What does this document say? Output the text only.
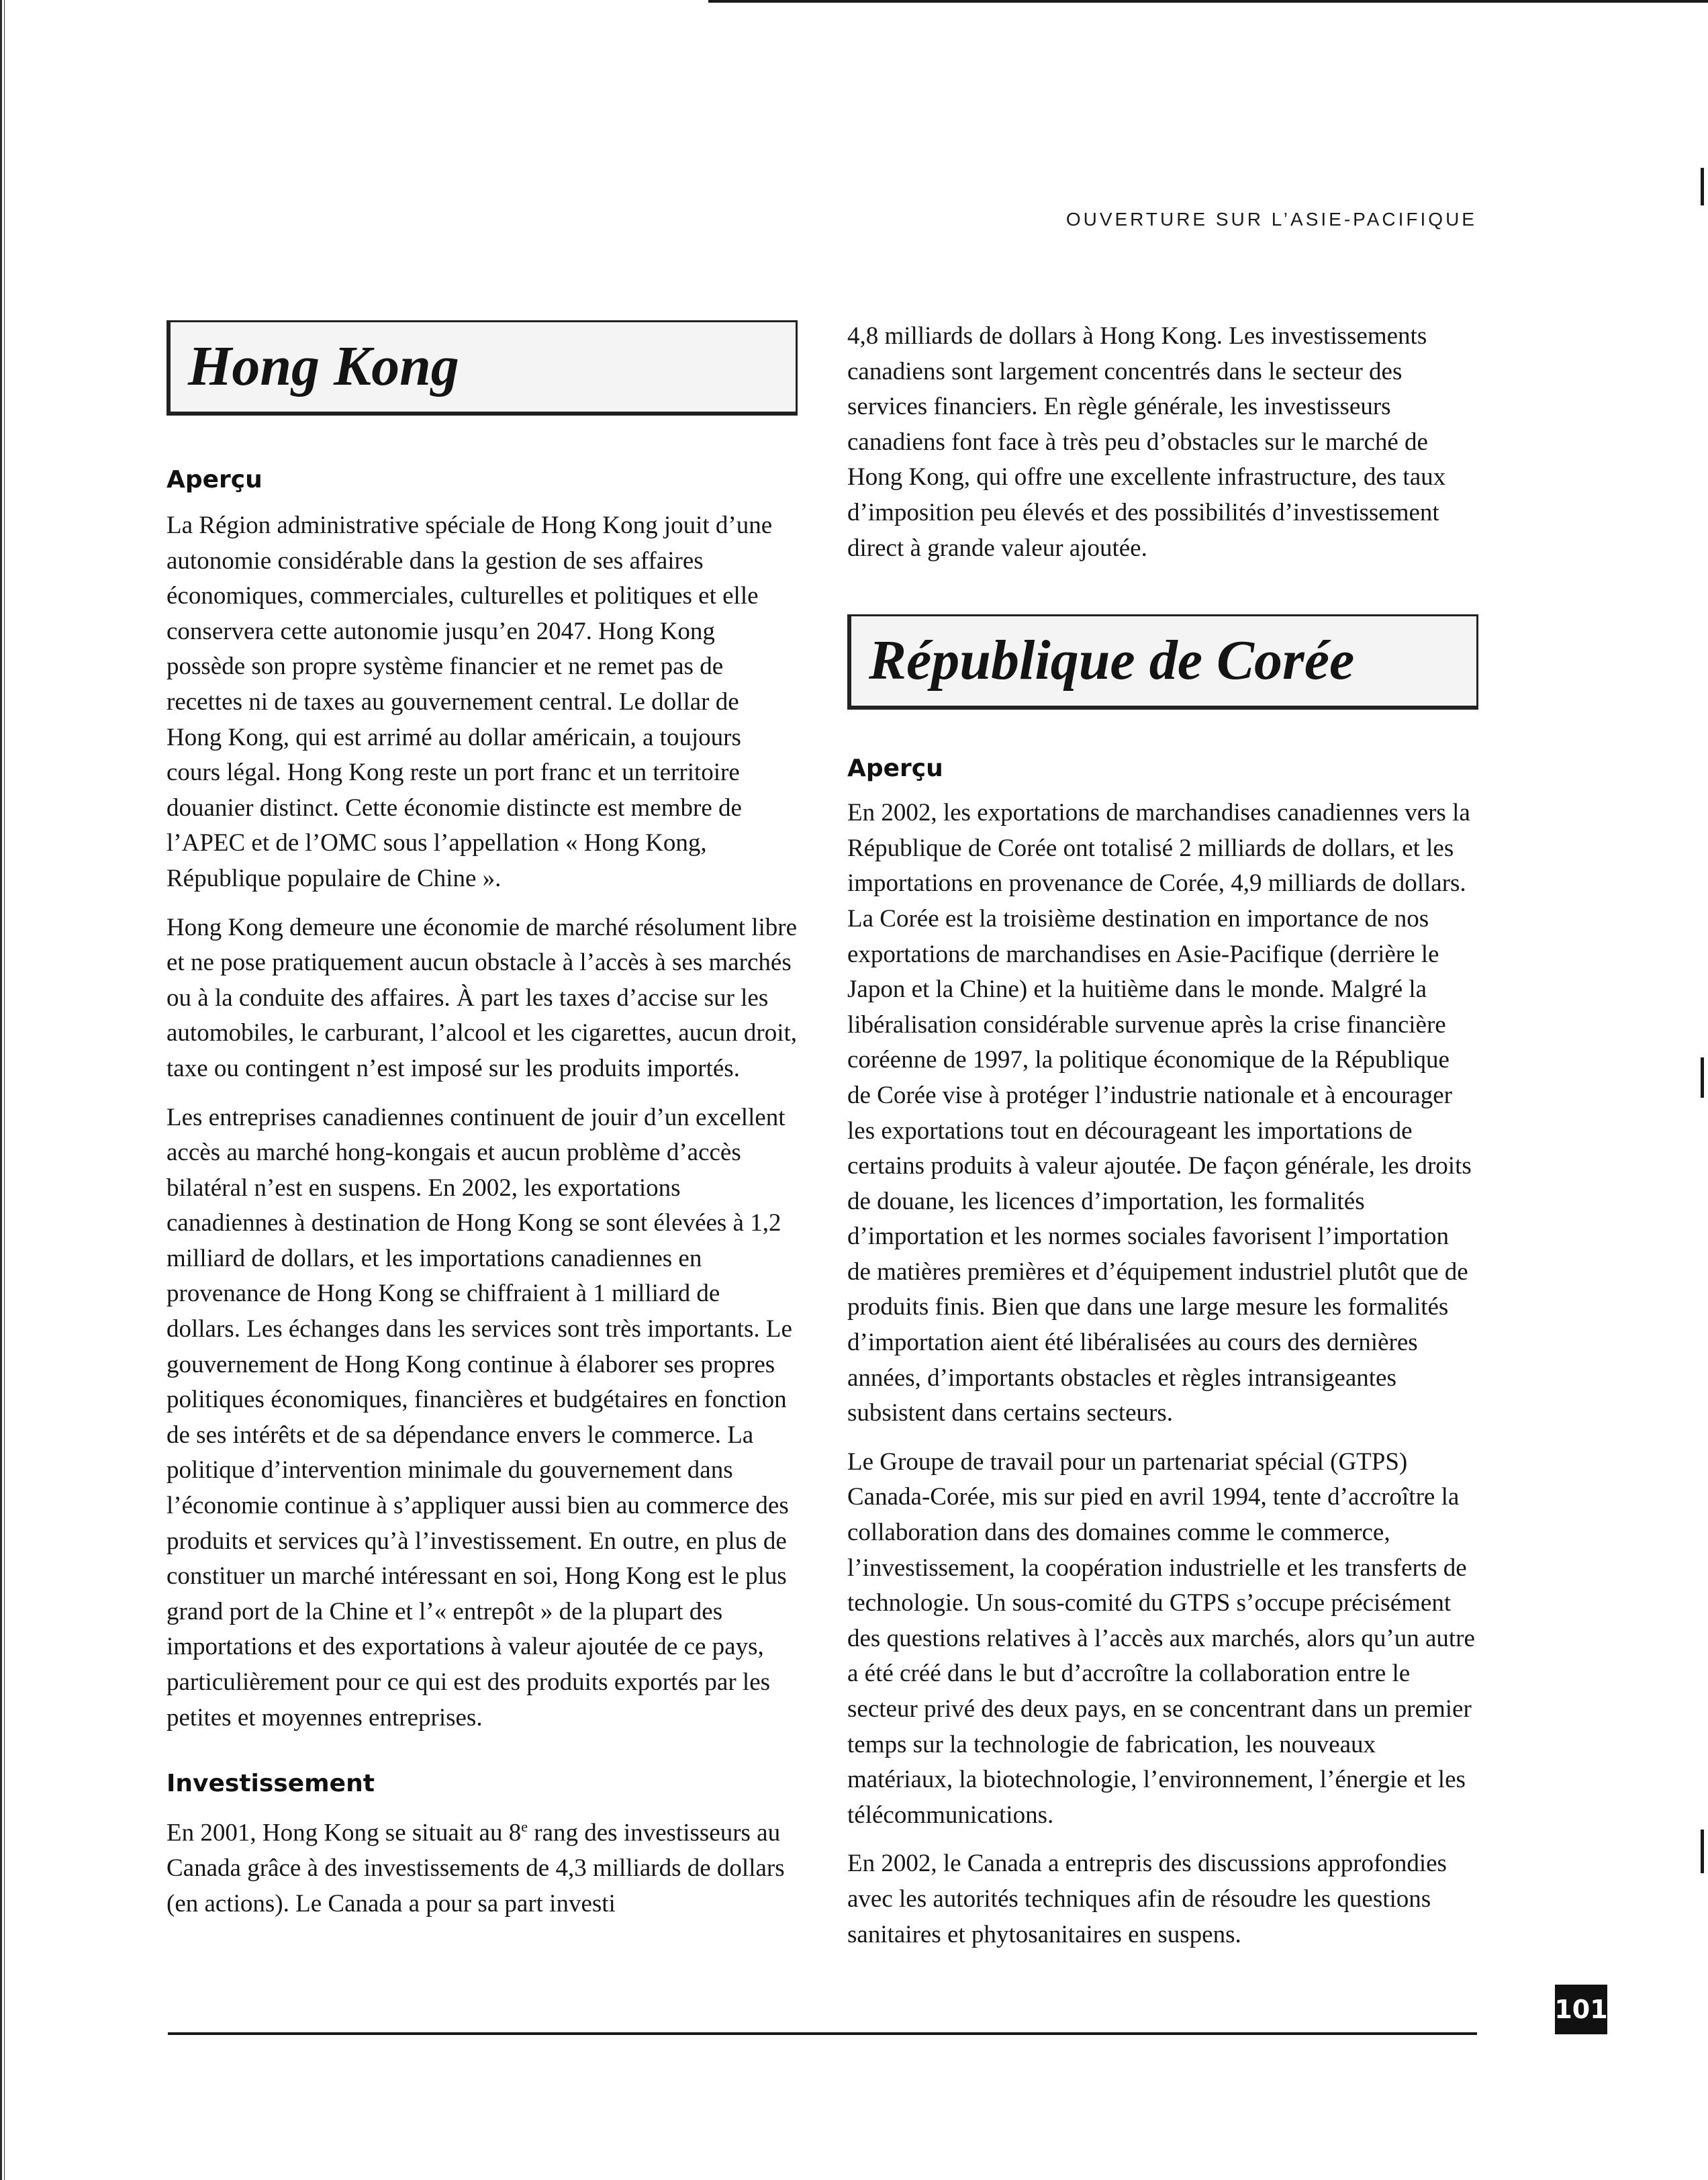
OUVERTURE SUR L’ASIE-PACIFIQUE
Hong Kong
Aperçu

La Région administrative spéciale de Hong Kong jouit d’une autonomie considérable dans la gestion de ses affaires économiques, commerciales, culturelles et politiques et elle conservera cette autonomie jusqu’en 2047. Hong Kong possède son propre système financier et ne remet pas de recettes ni de taxes au gouvernement central. Le dollar de Hong Kong, qui est arrimé au dollar américain, a toujours cours légal. Hong Kong reste un port franc et un territoire douanier distinct. Cette économie distincte est membre de l’APEC et de l’OMC sous l’appellation « Hong Kong, République populaire de Chine ».

Hong Kong demeure une économie de marché résolument libre et ne pose pratiquement aucun obstacle à l’accès à ses marchés ou à la conduite des affaires. À part les taxes d’accise sur les automobiles, le carburant, l’alcool et les cigarettes, aucun droit, taxe ou contingent n’est imposé sur les produits importés.

Les entreprises canadiennes continuent de jouir d’un excellent accès au marché hong-kongais et aucun problème d’accès bilatéral n’est en suspens. En 2002, les exportations canadiennes à destination de Hong Kong se sont élevées à 1,2 milliard de dollars, et les importations canadiennes en provenance de Hong Kong se chiffraient à 1 milliard de dollars. Les échanges dans les services sont très importants. Le gouvernement de Hong Kong continue à élaborer ses propres politiques économiques, financières et budgétaires en fonction de ses intérêts et de sa dépendance envers le commerce. La politique d’intervention minimale du gouvernement dans l’économie continue à s’appliquer aussi bien au commerce des produits et services qu’à l’investissement. En outre, en plus de constituer un marché intéressant en soi, Hong Kong est le plus grand port de la Chine et l’« entrepôt » de la plupart des importations et des exportations à valeur ajoutée de ce pays, particulièrement pour ce qui est des produits exportés par les petites et moyennes entreprises.

Investissement

En 2001, Hong Kong se situait au 8e rang des investisseurs au Canada grâce à des investissements de 4,3 milliards de dollars (en actions). Le Canada a pour sa part investi

4,8 milliards de dollars à Hong Kong. Les investissements canadiens sont largement concentrés dans le secteur des services financiers. En règle générale, les investisseurs canadiens font face à très peu d’obstacles sur le marché de Hong Kong, qui offre une excellente infrastructure, des taux d’imposition peu élevés et des possibilités d’investissement direct à grande valeur ajoutée.

République de Corée
Aperçu

En 2002, les exportations de marchandises canadiennes vers la République de Corée ont totalisé 2 milliards de dollars, et les importations en provenance de Corée, 4,9 milliards de dollars. La Corée est la troisième destination en importance de nos exportations de marchandises en Asie-Pacifique (derrière le Japon et la Chine) et la huitième dans le monde. Malgré la libéralisation considérable survenue après la crise financière coréenne de 1997, la politique économique de la République de Corée vise à protéger l’industrie nationale et à encourager les exportations tout en décourageant les importations de certains produits à valeur ajoutée. De façon générale, les droits de douane, les licences d’importation, les formalités d’importation et les normes sociales favorisent l’importation de matières premières et d’équipement industriel plutôt que de produits finis. Bien que dans une large mesure les formalités d’importation aient été libéralisées au cours des dernières années, d’importants obstacles et règles intransigeantes subsistent dans certains secteurs.

Le Groupe de travail pour un partenariat spécial (GTPS) Canada-Corée, mis sur pied en avril 1994, tente d’accroître la collaboration dans des domaines comme le commerce, l’investissement, la coopération industrielle et les transferts de technologie. Un sous-comité du GTPS s’occupe précisément des questions relatives à l’accès aux marchés, alors qu’un autre a été créé dans le but d’accroître la collaboration entre le secteur privé des deux pays, en se concentrant dans un premier temps sur la technologie de fabrication, les nouveaux matériaux, la biotechnologie, l’environnement, l’énergie et les télécommunications.

En 2002, le Canada a entrepris des discussions approfondies avec les autorités techniques afin de résoudre les questions sanitaires et phytosanitaires en suspens.

101
